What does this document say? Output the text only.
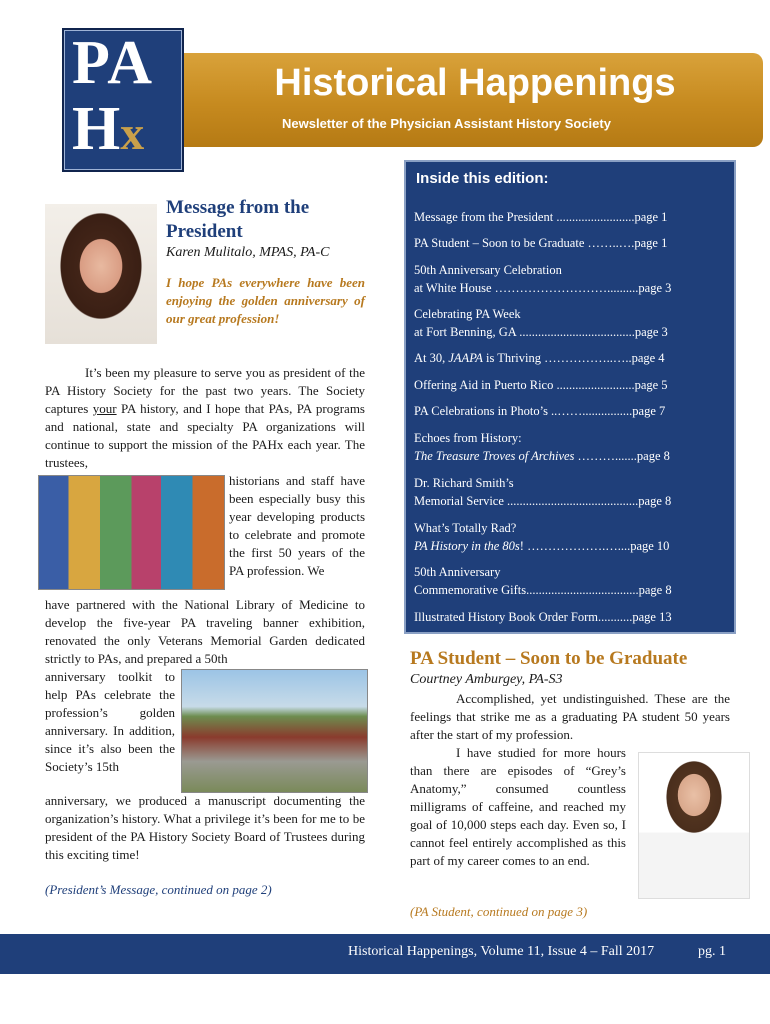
Historical Happenings
Newsletter of the Physician Assistant History Society
PA
Hx
Inside this edition:
Message from the President .........................page 1
PA Student – Soon to be Graduate ……..….page 1
50th Anniversary Celebration
at White House ………………………..........page 3
Celebrating PA Week
at Fort Benning, GA .....................................page 3
At 30, JAAPA is Thriving ……………..…..page 4
Offering Aid in Puerto Rico .........................page 5
PA Celebrations in Photo’s ..……................page 7
Echoes from History:
The Treasure Troves of Archives ……….......page 8
Dr. Richard Smith’s
Memorial Service ..........................................page 8
What’s Totally Rad?
PA History in the 80s! ……………….…....page 10
50th Anniversary
Commemorative Gifts....................................page 8
Illustrated History Book Order Form...........page 13
Message from the President
Karen Mulitalo, MPAS, PA-C
I hope PAs everywhere have been enjoying the golden anniversary of our great profession!
It’s been my pleasure to serve you as president of the PA History Society for the past two years. The Society captures your PA history, and I hope that PAs, PA programs and national, state and specialty PA organizations will continue to support the mission of the PAHx each year. The trustees,
historians and staff have been especially busy this year developing products to celebrate and promote the first 50 years of the PA profession. We
have partnered with the National Library of Medicine to develop the five-year PA traveling banner exhibition, renovated the only Veterans Memorial Garden dedicated strictly to PAs, and prepared a 50th
anniversary toolkit to help PAs celebrate the profession’s golden anniversary. In addition, since it’s also been the Society’s 15th
anniversary, we produced a manuscript documenting the organization’s history. What a privilege it’s been for me to be president of the PA History Society Board of Trustees during this exciting time!
(President’s Message, continued on page 2)
PA Student – Soon to be Graduate
Courtney Amburgey, PA-S3
Accomplished, yet undistinguished. These are the feelings that strike me as a graduating PA student 50 years after the start of my profession.
I have studied for more hours than there are episodes of “Grey’s Anatomy,” consumed countless milligrams of caffeine, and reached my goal of 10,000 steps each day. Even so, I cannot feel entirely accomplished as this part of my career comes to an end.
(PA Student, continued on page 3)
Historical Happenings, Volume 11, Issue 4 – Fall 2017	pg. 1
